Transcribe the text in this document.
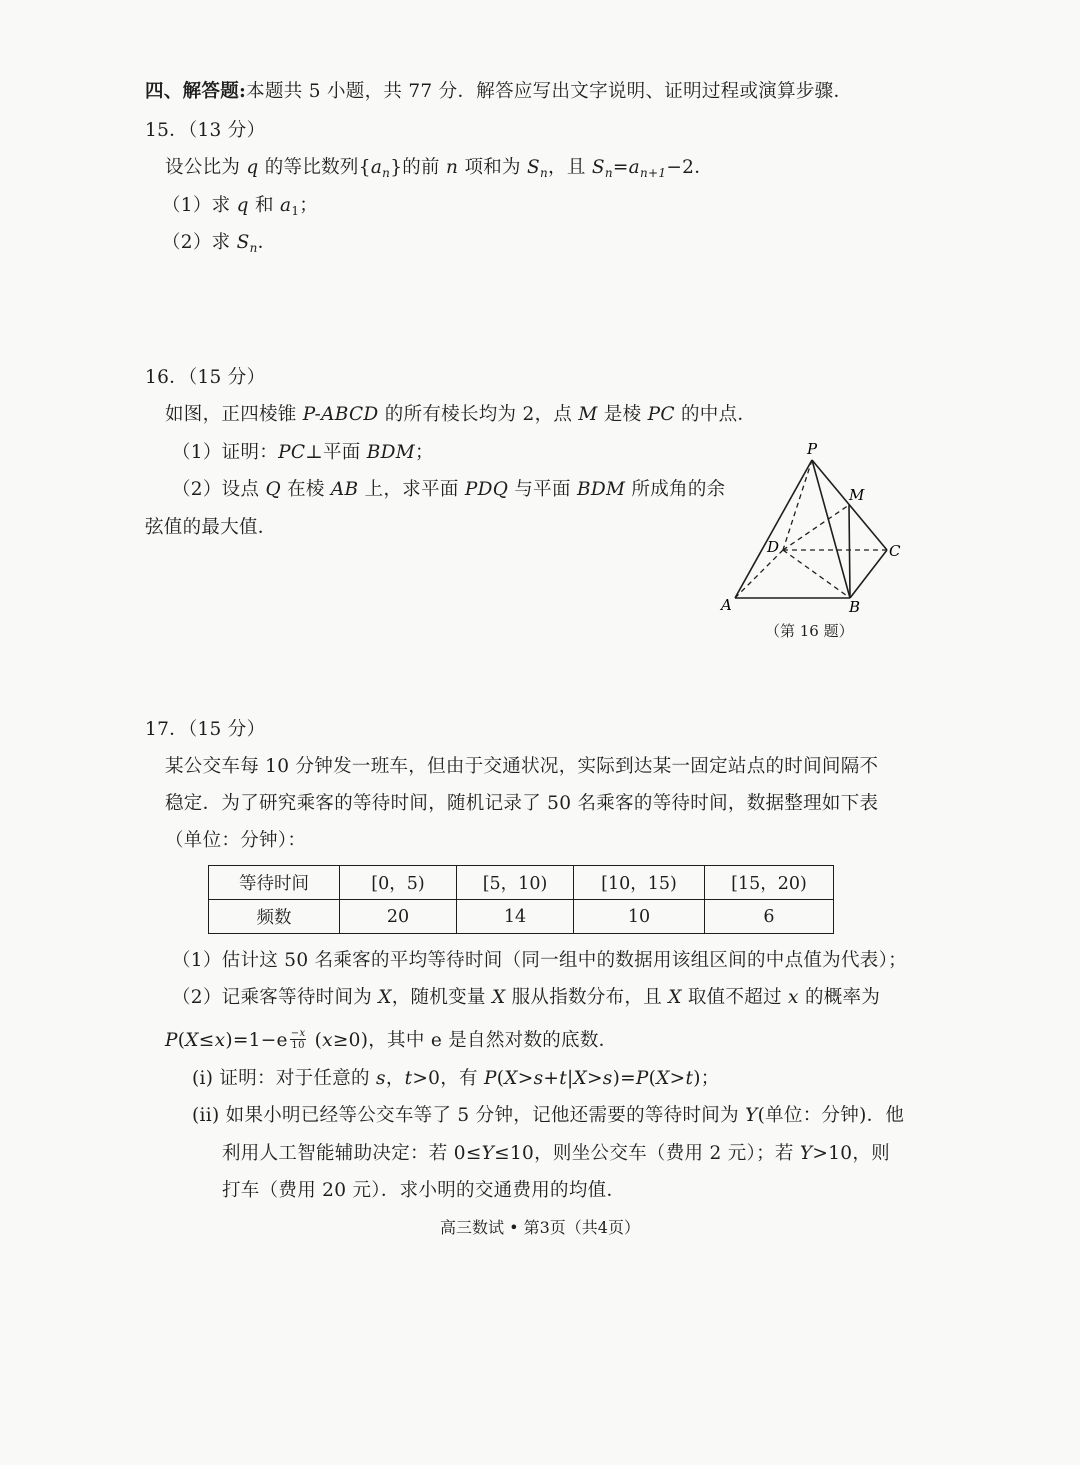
四、解答题:本题共 5 小题，共 77 分．解答应写出文字说明、证明过程或演算步骤．
15．（13 分）
设公比为 q 的等比数列$\{a_n\}$的前 n 项和为 $S_n$，且 $S_n=a_{n+1}-2$．
（1）求 q 和 $a_1$；
（2）求 $S_n$．
16．（15 分）
如图，正四棱锥 P-ABCD 的所有棱长均为 2，点 M 是棱 PC 的中点．
（1）证明：PC⊥平面 BDM；
（2）设点 Q 在棱 AB 上，求平面 PDQ 与平面 BDM 所成角的余
弦值的最大值．
P
M
D	C
A	B
（第 16 题）
17．（15 分）
某公交车每 10 分钟发一班车，但由于交通状况，实际到达某一固定站点的时间间隔不
稳定．为了研究乘客的等待时间，随机记录了 50 名乘客的等待时间，数据整理如下表
（单位：分钟）：
等待时间	[0，5)	[5，10)	[10，15)	[15，20)
频数	20	14	10	6
（1）估计这 50 名乘客的平均等待时间（同一组中的数据用该组区间的中点值为代表）；
（2）记乘客等待时间为 X，随机变量 X 服从指数分布，且 X 取值不超过 x 的概率为
$P(X\le x)=1-e \frac{-x}{10} (x\ge 0)$，其中 e 是自然对数的底数．
(i) 证明：对于任意的 s，t>0，有 P(X>s+t|X>s)=P(X>t)；
(ii) 如果小明已经等公交车等了 5 分钟，记他还需要的等待时间为 Y(单位：分钟)．他
利用人工智能辅助决定：若 0≤Y≤10，则坐公交车（费用 2 元）；若 Y>10，则
打车（费用 20 元）．求小明的交通费用的均值．
高三数试 • 第3页（共4页）
